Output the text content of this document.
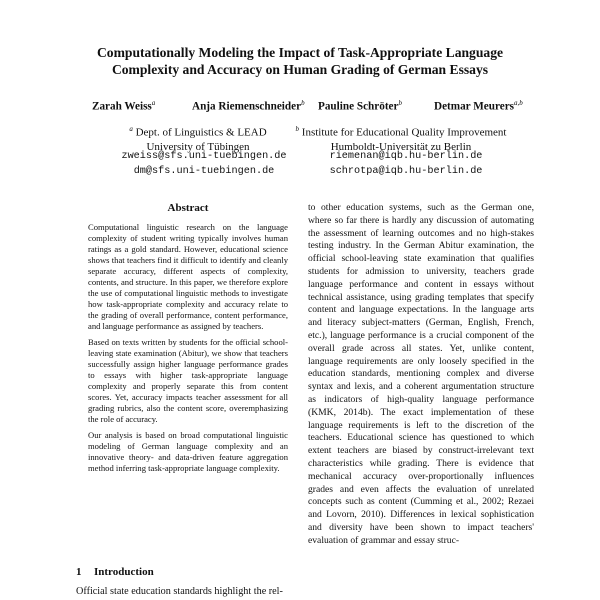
Computationally Modeling the Impact of Task-Appropriate Language
Complexity and Accuracy on Human Grading of German Essays
Zarah Weiss$^a$	Anja Riemenschneider$^b$ Pauline Schröter$^b$	Detmar Meurers$^{a,b}$
$^a$ Dept. of Linguistics & LEAD
University of Tübingen
$^b$ Institute for Educational Quality Improvement
Humboldt-Universität zu Berlin
zweiss@sfs.uni-tuebingen.de
dm@sfs.uni-tuebingen.de
riemenan@iqb.hu-berlin.de
schrotpa@iqb.hu-berlin.de
Abstract

Computational linguistic research on the language complexity of student writing typically involves human ratings as a gold standard. However, educational science shows that teachers find it difficult to identify and cleanly separate accuracy, different aspects of complexity, contents, and structure. In this paper, we therefore explore the use of computational linguistic methods to investigate how task-appropriate complexity and accuracy relate to the grading of overall performance, content performance, and language performance as assigned by teachers.

Based on texts written by students for the official school-leaving state examination (Abitur), we show that teachers successfully assign higher language performance grades to essays with higher task-appropriate language complexity and properly separate this from content scores. Yet, accuracy impacts teacher assessment for all grading rubrics, also the content score, overemphasizing the role of accuracy.

Our analysis is based on broad computational linguistic modeling of German language complexity and an innovative theory- and data-driven feature aggregation method inferring task-appropriate language complexity.

1 Introduction
Official state education standards highlight the rel-

to other education systems, such as the German one, where so far there is hardly any discussion of automating the assessment of learning outcomes and no high-stakes testing industry. In the German Abitur examination, the official school-leaving state examination that qualifies students for admission to university, teachers grade language performance and content in essays without technical assistance, using grading templates that specify content and language expectations. In the language arts and literacy subject-matters (German, English, French, etc.), language performance is a crucial component of the overall grade across all states. Yet, unlike content, language requirements are only loosely specified in the education standards, mentioning complex and diverse syntax and lexis, and a coherent argumentation structure as indicators of high-quality language performance (KMK, 2014b). The exact implementation of these language requirements is left to the discretion of the teachers. Educational science has questioned to which extent teachers are biased by construct-irrelevant text characteristics while grading. There is evidence that mechanical accuracy over-proportionally influences grades and even affects the evaluation of unrelated concepts such as content (Cumming et al., 2002; Rezaei and Lovorn, 2010). Differences in lexical sophistication and diversity have been shown to impact teachers' evaluation of grammar and essay struc-
